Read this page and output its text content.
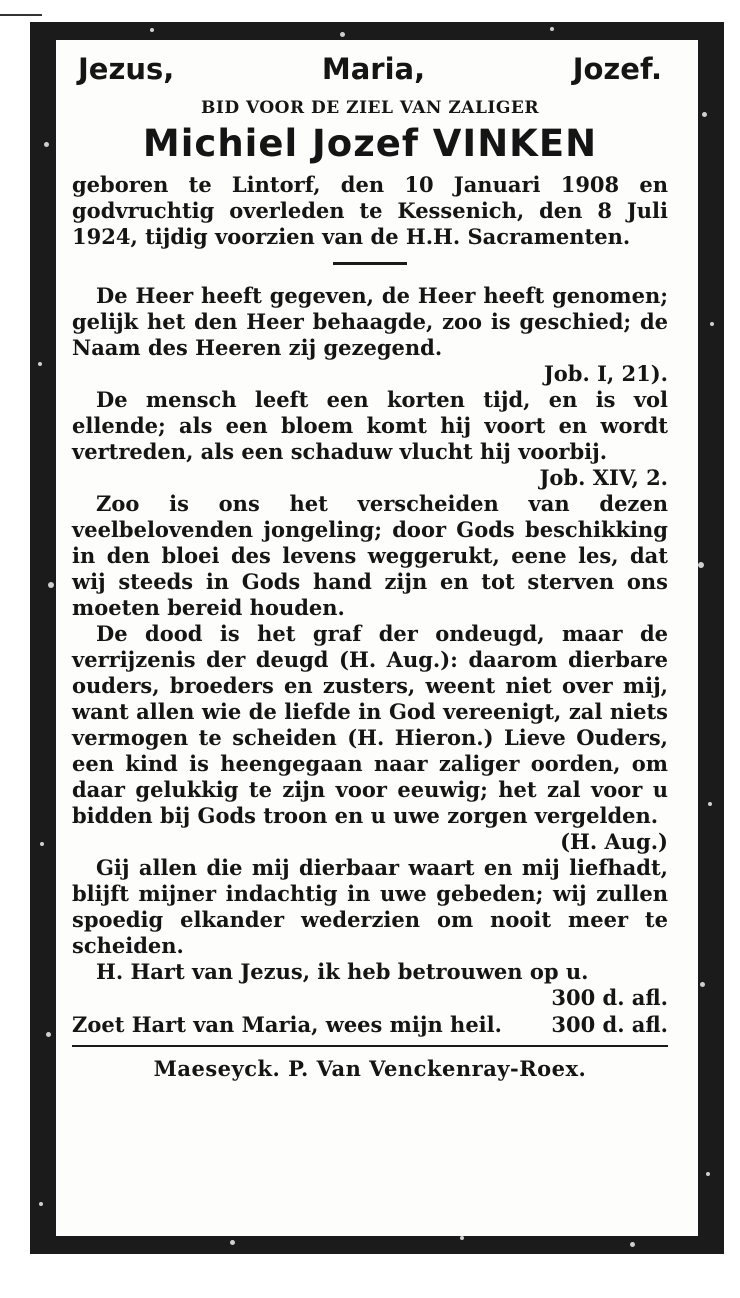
Jezus,	Maria,	Jozef.
BID VOOR DE ZIEL VAN ZALIGER
Michiel Jozef VINKEN

geboren te Lintorf, den 10 Januari 1908 en godvruchtig overleden te Kessenich, den 8 Juli 1924, tijdig voorzien van de H.H. Sacramenten.

De Heer heeft gegeven, de Heer heeft genomen; gelijk het den Heer behaagde, zoo is geschied; de Naam des Heeren zij gezegend.

Job. I, 21).

De mensch leeft een korten tijd, en is vol ellende; als een bloem komt hij voort en wordt vertreden, als een schaduw vlucht hij voorbij.

Job. XIV, 2.

Zoo is ons het verscheiden van dezen veelbelovenden jongeling; door Gods beschikking in den bloei des levens weggerukt, eene les, dat wij steeds in Gods hand zijn en tot sterven ons moeten bereid houden.

De dood is het graf der ondeugd, maar de verrijzenis der deugd (H. Aug.): daarom dierbare ouders, broeders en zusters, weent niet over mij, want allen wie de liefde in God vereenigt, zal niets vermogen te scheiden (H. Hieron.) Lieve Ouders, een kind is heengegaan naar zaliger oorden, om daar gelukkig te zijn voor eeuwig; het zal voor u bidden bij Gods troon en u uwe zorgen vergelden.

(H. Aug.)

Gij allen die mij dierbaar waart en mij liefhadt, blijft mijner indachtig in uwe gebeden; wij zullen spoedig elkander wederzien om nooit meer te scheiden.

H. Hart van Jezus, ik heb betrouwen op u.

300 d. afl.
Zoet Hart van Maria, wees mijn heil. 300 d. afl.
Maeseyck. P. Van Venckenray-Roex.
